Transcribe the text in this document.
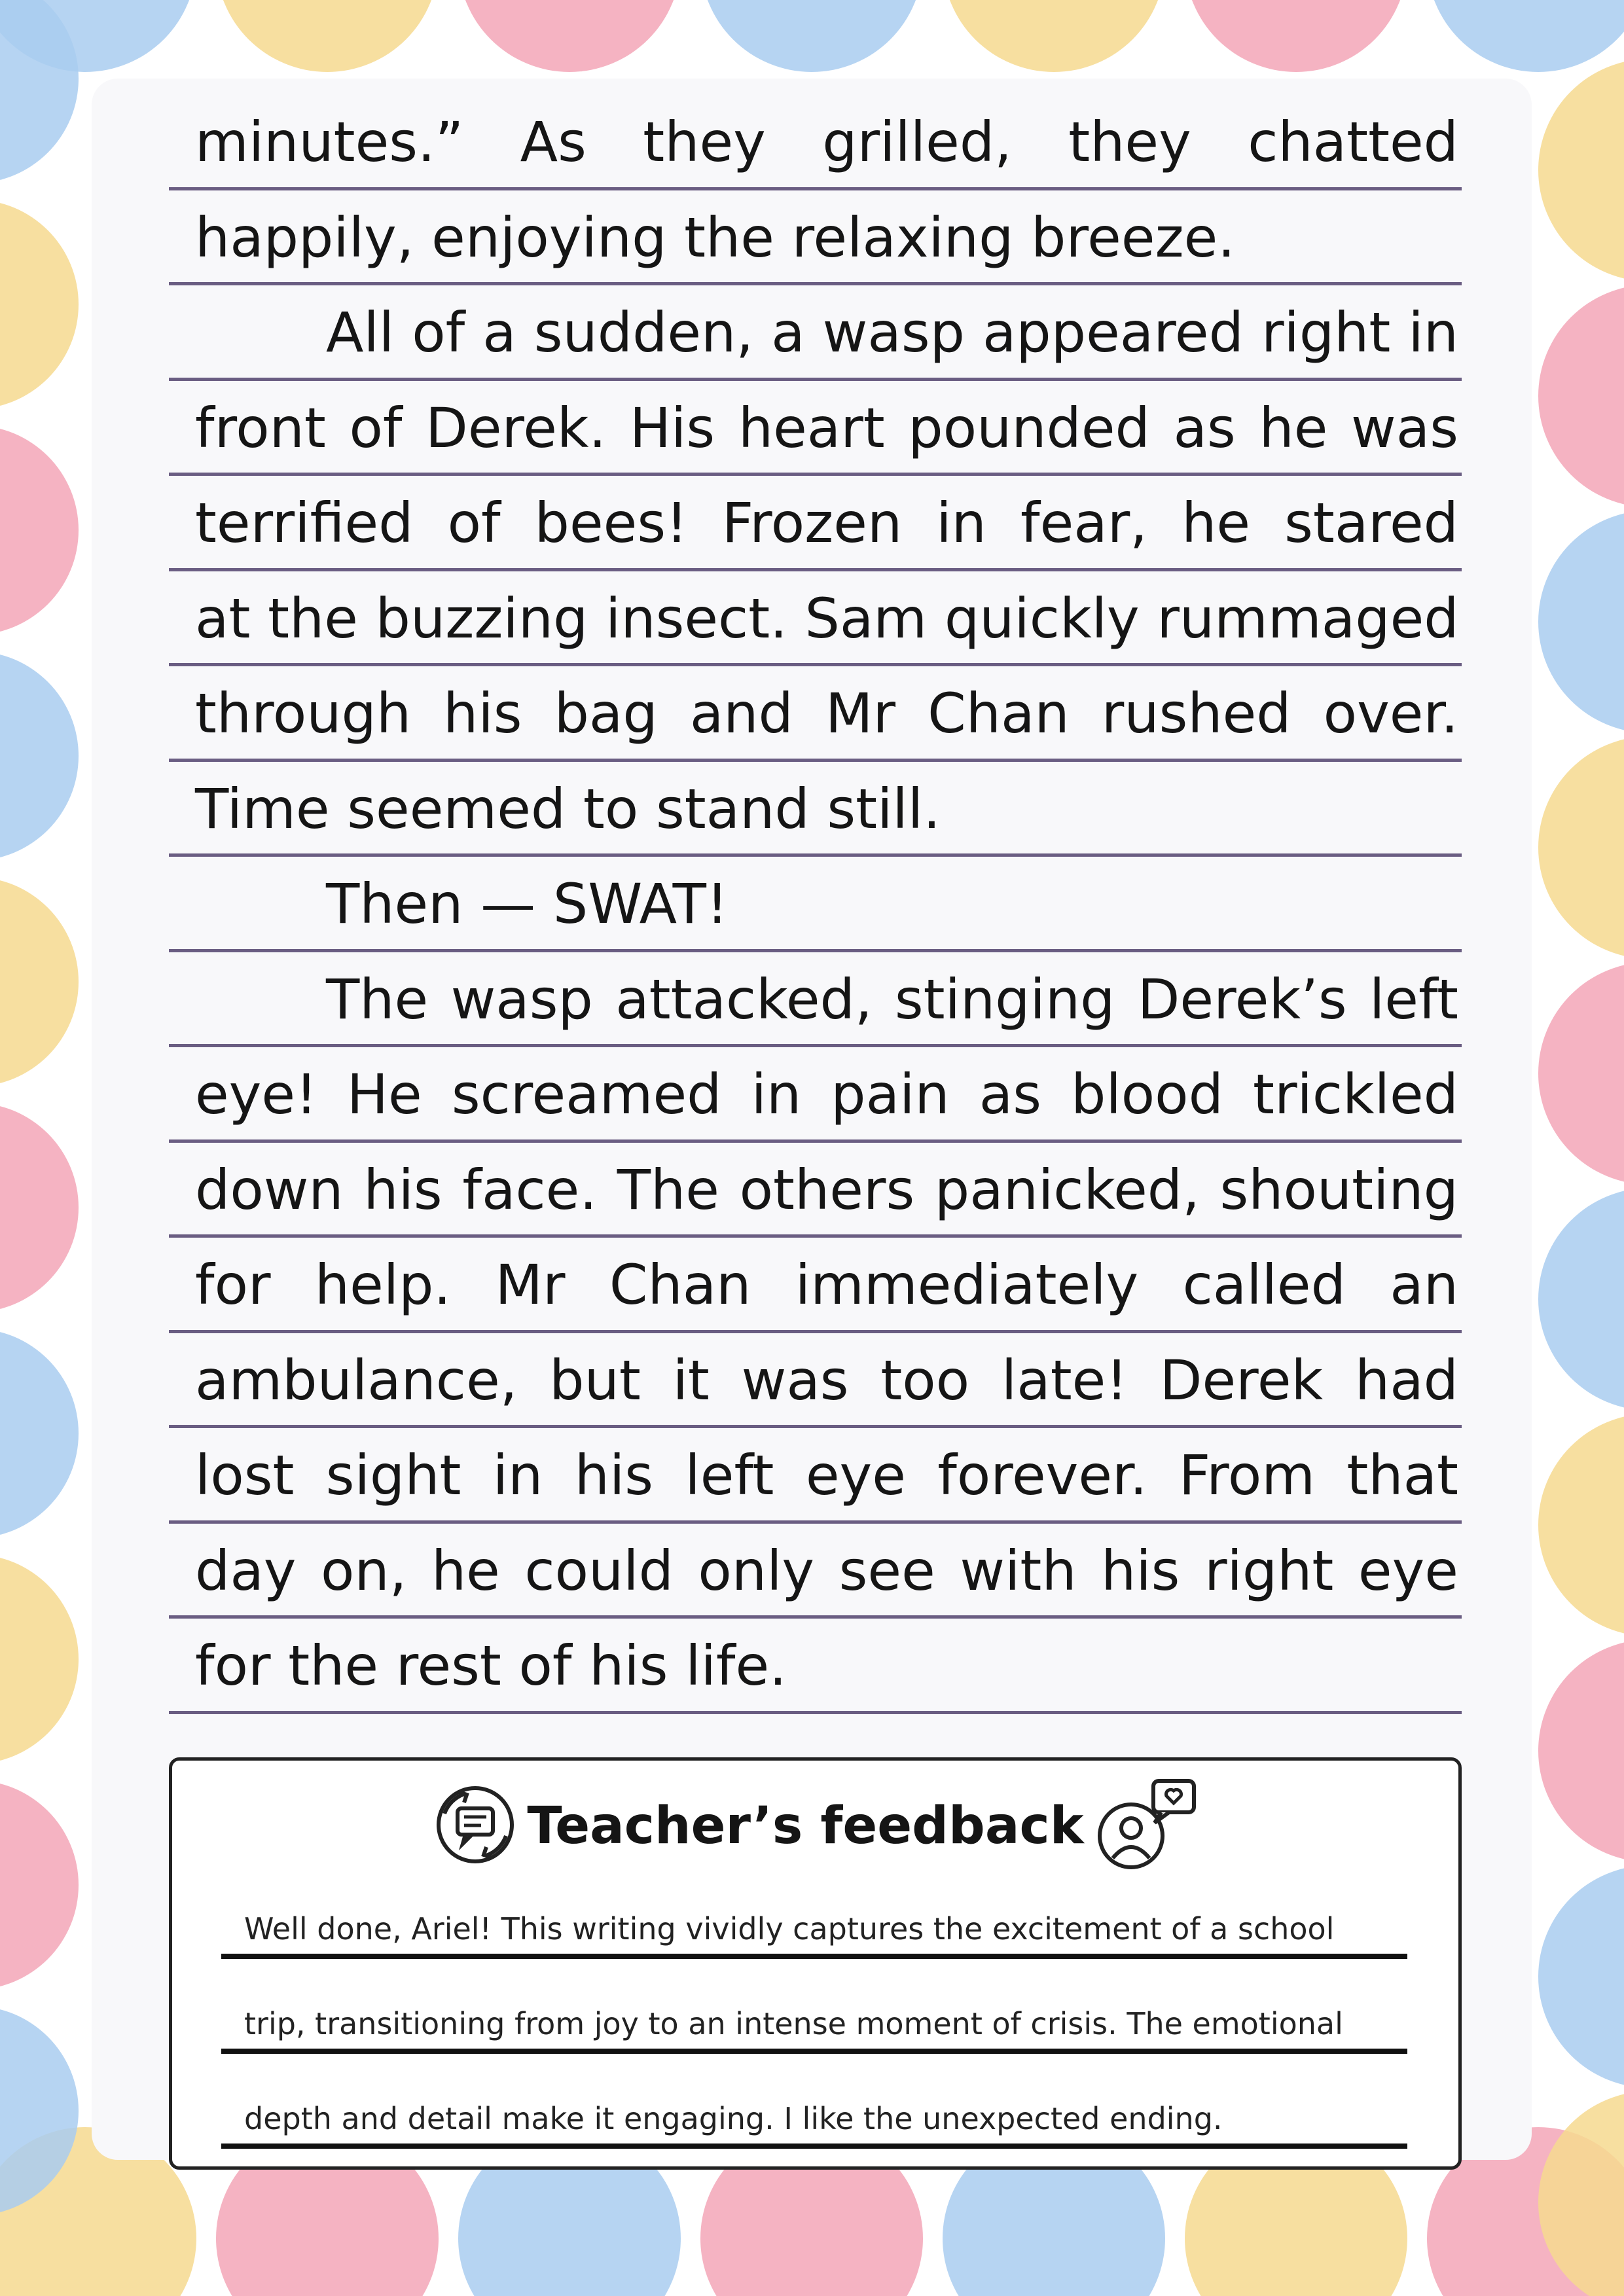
minutes.” As they grilled, they chatted
happily, enjoying the relaxing breeze.
All of a sudden, a wasp appeared right in
front of Derek. His heart pounded as he was
terrified of bees! Frozen in fear, he stared
at the buzzing insect. Sam quickly rummaged
through his bag and Mr Chan rushed over.
Time seemed to stand still.
Then — SWAT!
The wasp attacked, stinging Derek’s left
eye! He screamed in pain as blood trickled
down his face. The others panicked, shouting
for help. Mr Chan immediately called an
ambulance, but it was too late! Derek had
lost sight in his left eye forever. From that
day on, he could only see with his right eye
for the rest of his life.
Teacher’s feedback
Well done, Ariel! This writing vividly captures the excitement of a school
trip, transitioning from joy to an intense moment of crisis. The emotional
depth and detail make it engaging. I like the unexpected ending.
